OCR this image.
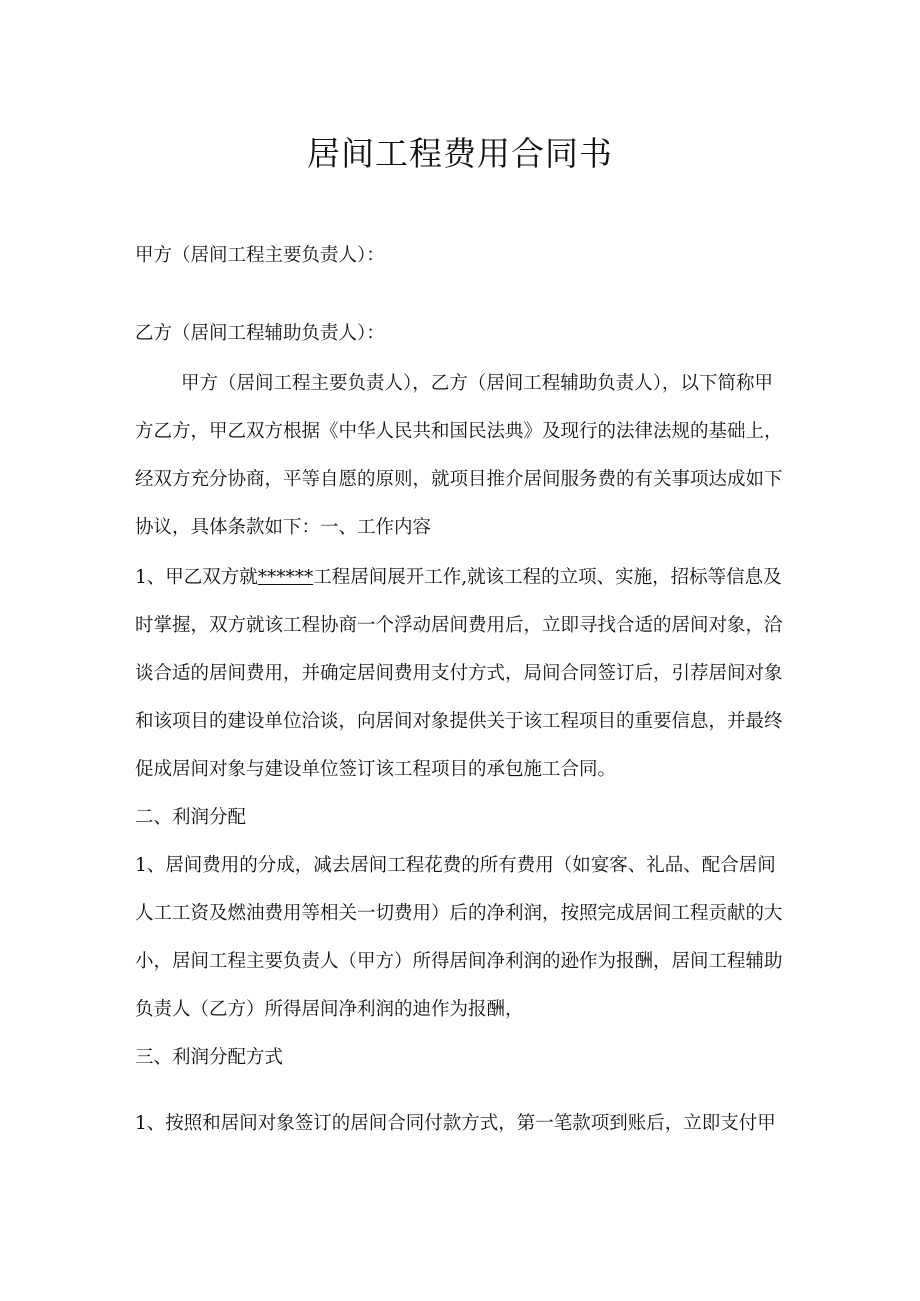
居间工程费用合同书

甲方（居间工程主要负责人）：

乙方（居间工程辅助负责人）：

甲方（居间工程主要负责人），乙方（居间工程辅助负责人），以下简称甲

方乙方，甲乙双方根据《中华人民共和国民法典》及现行的法律法规的基础上，

经双方充分协商，平等自愿的原则，就项目推介居间服务费的有关事项达成如下

协议，具体条款如下：一、工作内容

1、甲乙双方就******工程居间展开工作,就该工程的立项、实施，招标等信息及

时掌握，双方就该工程协商一个浮动居间费用后，立即寻找合适的居间对象，洽

谈合适的居间费用，并确定居间费用支付方式，局间合同签订后，引荐居间对象

和该项目的建设单位洽谈，向居间对象提供关于该工程项目的重要信息，并最终

促成居间对象与建设单位签订该工程项目的承包施工合同。

二、利润分配

1、居间费用的分成，减去居间工程花费的所有费用（如宴客、礼品、配合居间

人工工资及燃油费用等相关一切费用）后的净利润，按照完成居间工程贡献的大

小，居间工程主要负责人（甲方）所得居间净利润的逊作为报酬，居间工程辅助

负责人（乙方）所得居间净利润的迪作为报酬，

三、利润分配方式

1、按照和居间对象签订的居间合同付款方式，第一笔款项到账后，立即支付甲
